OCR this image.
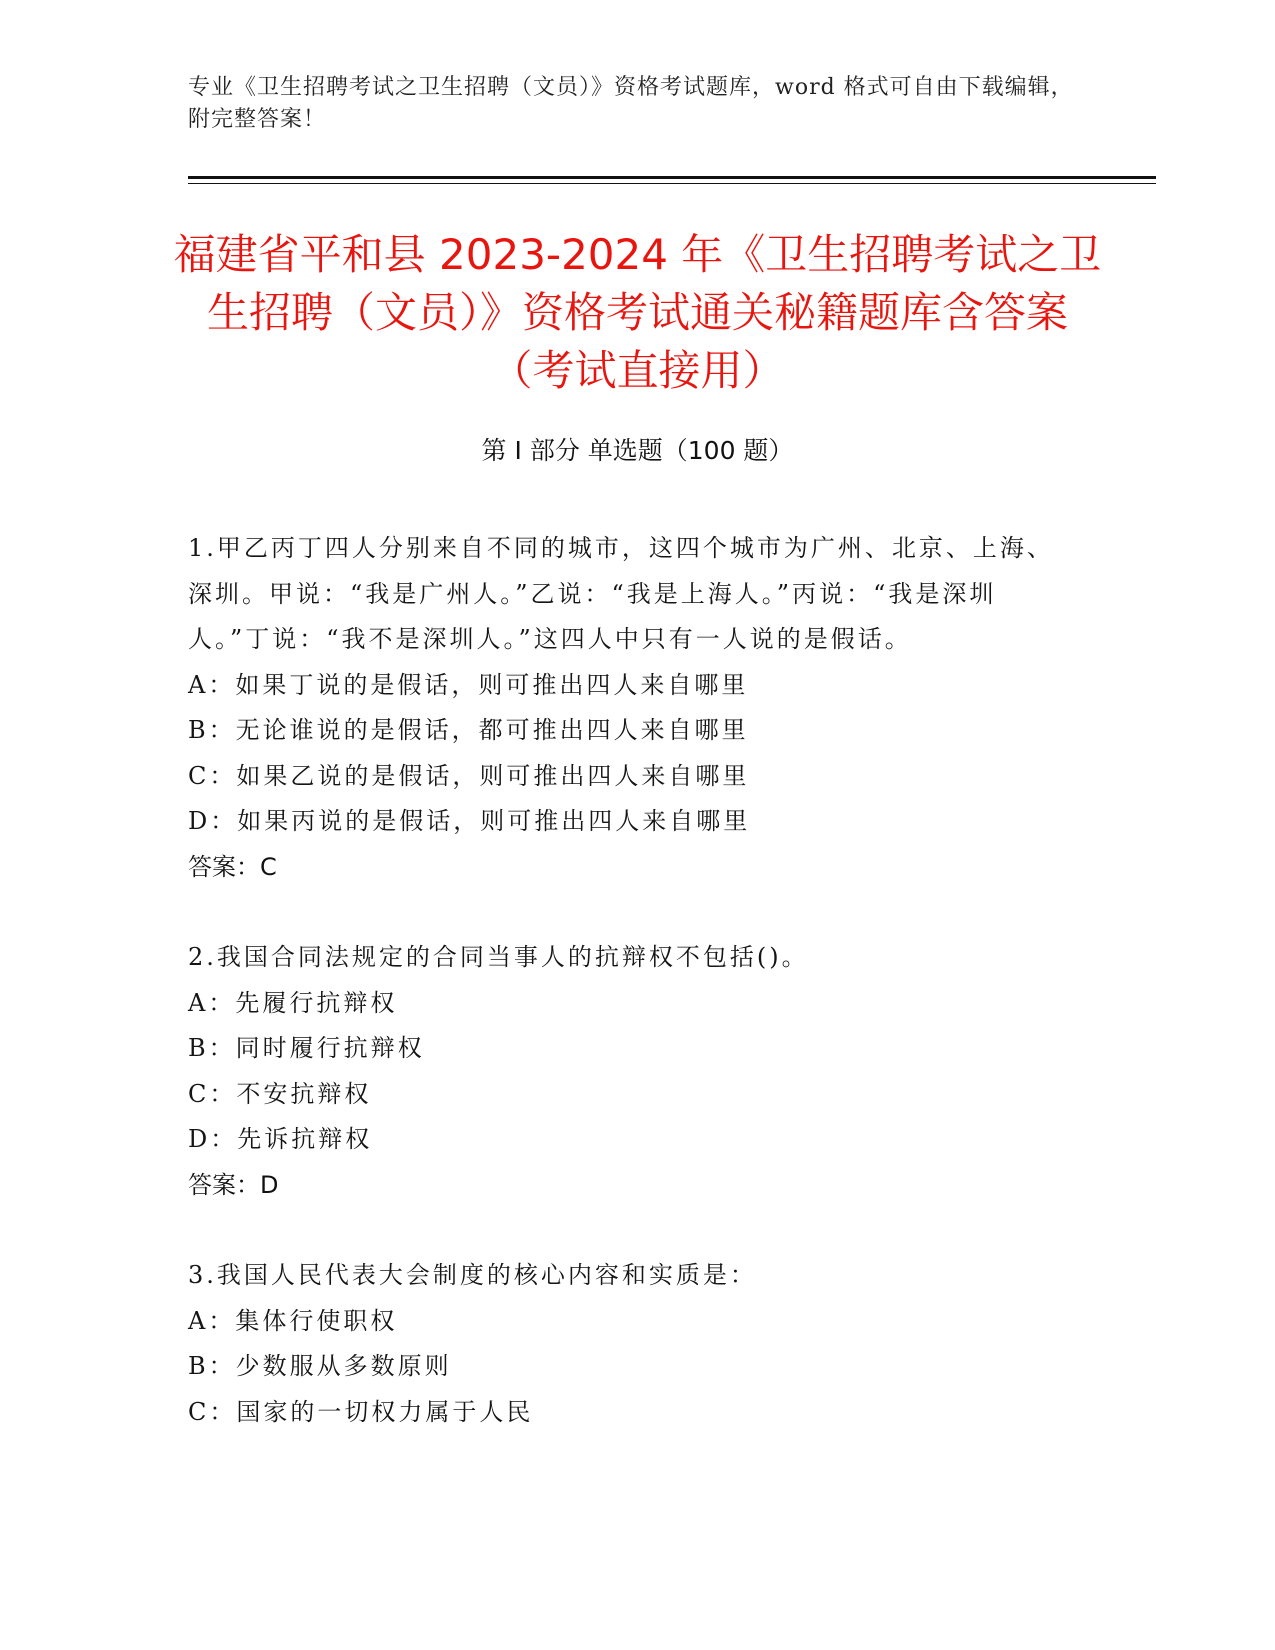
专业《卫生招聘考试之卫生招聘（文员）》资格考试题库，word 格式可自由下载编辑，附完整答案！
福建省平和县 2023-2024 年《卫生招聘考试之卫生招聘（文员）》资格考试通关秘籍题库含答案（考试直接用）
第 I 部分 单选题（100 题）
1.甲乙丙丁四人分别来自不同的城市，这四个城市为广州、北京、上海、深圳。甲说：“我是广州人。”乙说：“我是上海人。”丙说：“我是深圳人。”丁说：“我不是深圳人。”这四人中只有一人说的是假话。
A：如果丁说的是假话，则可推出四人来自哪里
B：无论谁说的是假话，都可推出四人来自哪里
C：如果乙说的是假话，则可推出四人来自哪里
D：如果丙说的是假话，则可推出四人来自哪里
答案：C
2.我国合同法规定的合同当事人的抗辩权不包括()。
A：先履行抗辩权
B：同时履行抗辩权
C：不安抗辩权
D：先诉抗辩权
答案：D
3.我国人民代表大会制度的核心内容和实质是：
A：集体行使职权
B：少数服从多数原则
C：国家的一切权力属于人民
